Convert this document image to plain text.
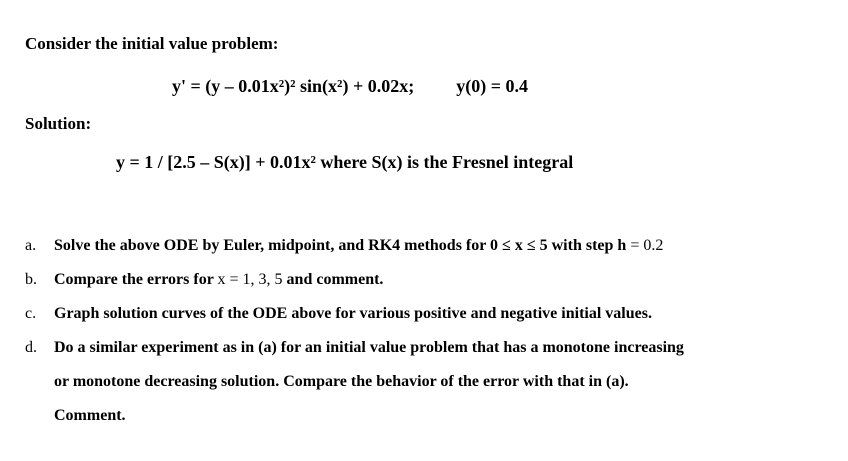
Consider the initial value problem:
y' = (y – 0.01x²)² sin(x²) + 0.02x; y(0) = 0.4
Solution:
y = 1 / [2.5 – S(x)] + 0.01x² where S(x) is the Fresnel integral
a.	Solve the above ODE by Euler, midpoint, and RK4 methods for 0 ≤ x ≤ 5 with step h = 0.2
b.	Compare the errors for x = 1, 3, 5 and comment.
c.	Graph solution curves of the ODE above for various positive and negative initial values.
d.	Do a similar experiment as in (a) for an initial value problem that has a monotone increasing
or monotone decreasing solution. Compare the behavior of the error with that in (a).
Comment.
